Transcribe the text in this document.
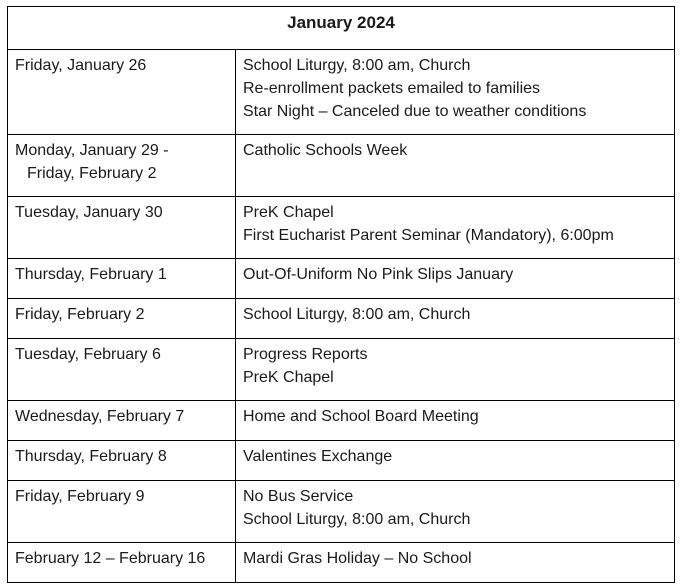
January 2024	

Friday, January 26	School Liturgy, 8:00 am, Church
Re-enrollment packets emailed to families
Star Night – Canceled due to weather conditions

Monday, January 29 -
Friday, February 2	Catholic Schools Week

Tuesday, January 30	PreK Chapel
First Eucharist Parent Seminar (Mandatory), 6:00pm

Thursday, February 1	Out-Of-Uniform No Pink Slips January

Friday, February 2	School Liturgy, 8:00 am, Church

Tuesday, February 6	Progress Reports
PreK Chapel

Wednesday, February 7	Home and School Board Meeting

Thursday, February 8	Valentines Exchange

Friday, February 9	No Bus Service
School Liturgy, 8:00 am, Church

February 12 – February 16	Mardi Gras Holiday – No School
